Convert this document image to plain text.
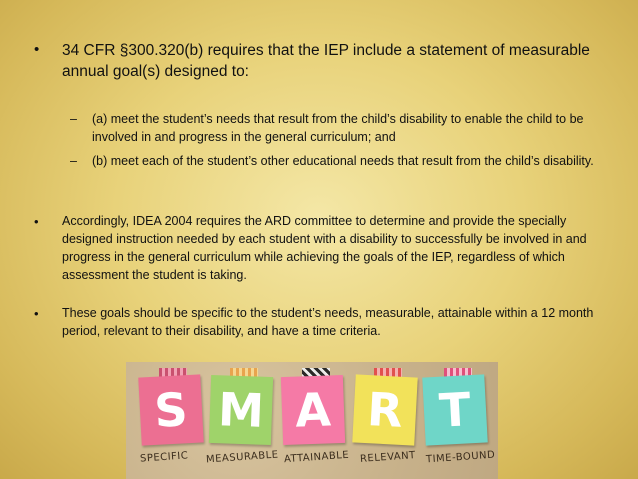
• 34 CFR §300.320(b) requires that the IEP include a statement of measurable annual goal(s) designed to:
– (a) meet the student’s needs that result from the child’s disability to enable the child to be involved in and progress in the general curriculum; and
– (b) meet each of the student’s other educational needs that result from the child’s disability.
• Accordingly, IDEA 2004 requires the ARD committee to determine and provide the specially designed instruction needed by each student with a disability to successfully be involved in and progress in the general curriculum while achieving the goals of the IEP, regardless of which assessment the student is taking.
• These goals should be specific to the student’s needs, measurable, attainable within a 12 month period, relevant to their disability, and have a time criteria.
S M A R T
SPECIFIC MEASURABLE ATTAINABLE RELEVANT TIME-BOUND
